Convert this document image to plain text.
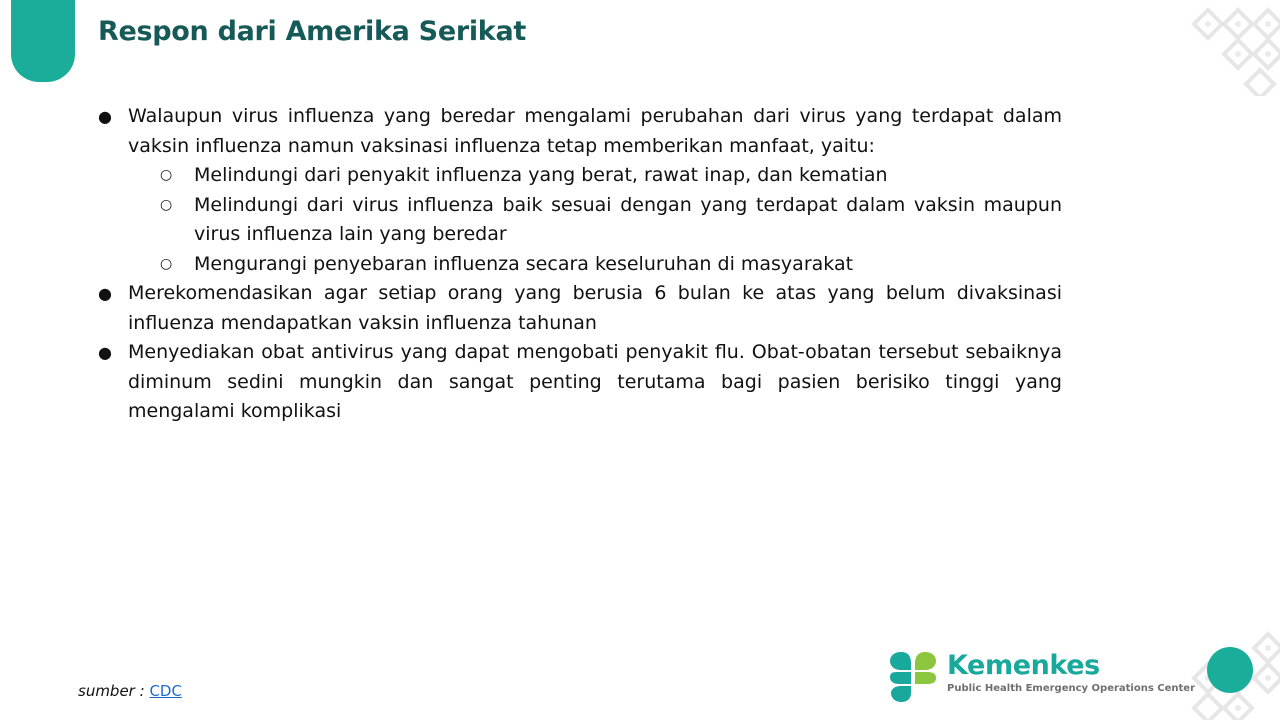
Respon dari Amerika Serikat
● Walaupun virus influenza yang beredar mengalami perubahan dari virus yang terdapat dalam vaksin influenza namun vaksinasi influenza tetap memberikan manfaat, yaitu:
○ Melindungi dari penyakit influenza yang berat, rawat inap, dan kematian
○ Melindungi dari virus influenza baik sesuai dengan yang terdapat dalam vaksin maupun virus influenza lain yang beredar
○ Mengurangi penyebaran influenza secara keseluruhan di masyarakat
● Merekomendasikan agar setiap orang yang berusia 6 bulan ke atas yang belum divaksinasi influenza mendapatkan vaksin influenza tahunan
● Menyediakan obat antivirus yang dapat mengobati penyakit flu. Obat-obatan tersebut sebaiknya diminum sedini mungkin dan sangat penting terutama bagi pasien berisiko tinggi yang mengalami komplikasi
sumber : CDC
Kemenkes
Public Health Emergency Operations Center
